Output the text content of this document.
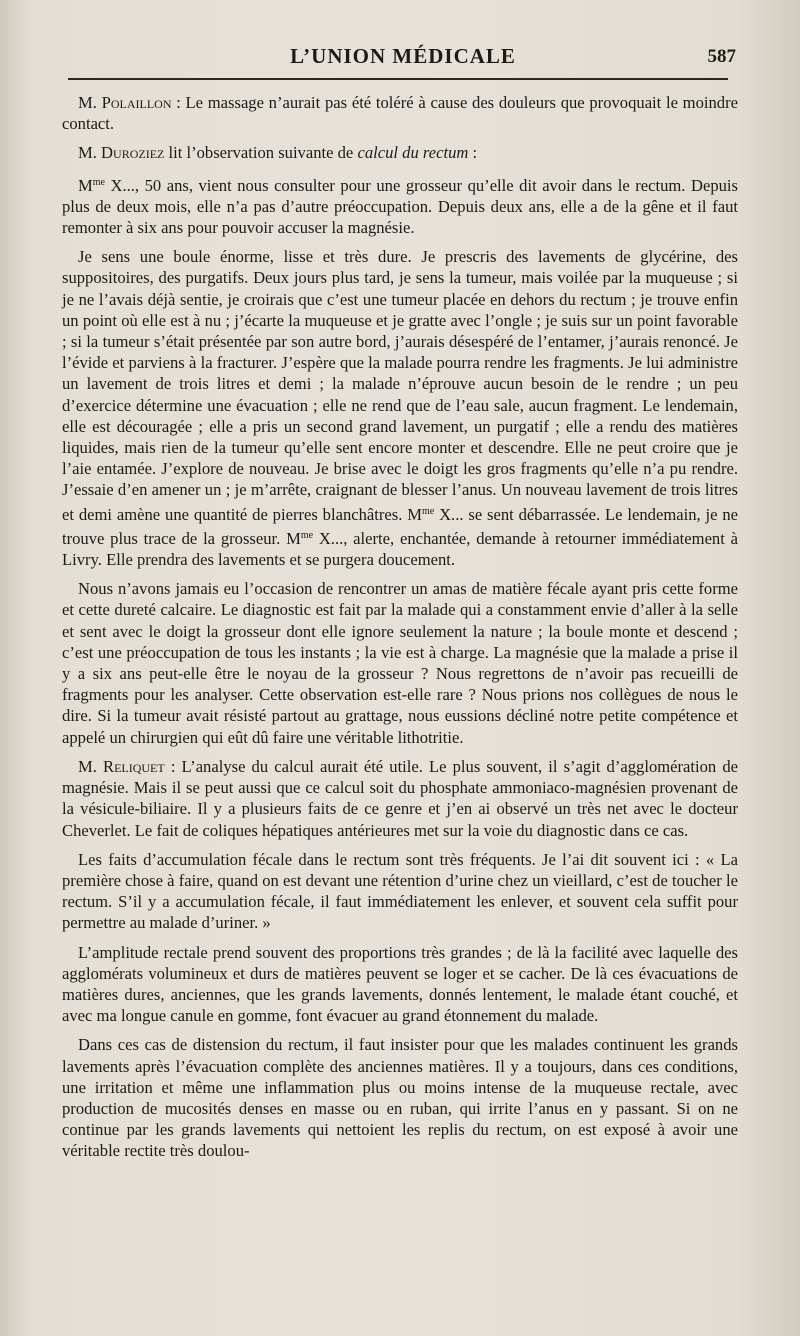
L’UNION MÉDICALE	587

M. Polaillon : Le massage n’aurait pas été toléré à cause des douleurs que provoquait le moindre contact.

M. Duroziez lit l’observation suivante de calcul du rectum :

$M^{me}$ X..., 50 ans, vient nous consulter pour une grosseur qu’elle dit avoir dans le rectum. Depuis plus de deux mois, elle n’a pas d’autre préoccupation. Depuis deux ans, elle a de la gêne et il faut remonter à six ans pour pouvoir accuser la magnésie.

Je sens une boule énorme, lisse et très dure. Je prescris des lavements de glycérine, des suppositoires, des purgatifs. Deux jours plus tard, je sens la tumeur, mais voilée par la muqueuse ; si je ne l’avais déjà sentie, je croirais que c’est une tumeur placée en dehors du rectum ; je trouve enfin un point où elle est à nu ; j’écarte la muqueuse et je gratte avec l’ongle ; je suis sur un point favorable ; si la tumeur s’était présentée par son autre bord, j’aurais désespéré de l’entamer, j’aurais renoncé. Je l’évide et parviens à la fracturer. J’espère que la malade pourra rendre les fragments. Je lui administre un lavement de trois litres et demi ; la malade n’éprouve aucun besoin de le rendre ; un peu d’exercice détermine une évacuation ; elle ne rend que de l’eau sale, aucun fragment. Le lendemain, elle est découragée ; elle a pris un second grand lavement, un purgatif ; elle a rendu des matières liquides, mais rien de la tumeur qu’elle sent encore monter et descendre. Elle ne peut croire que je l’aie entamée. J’explore de nouveau. Je brise avec le doigt les gros fragments qu’elle n’a pu rendre. J’essaie d’en amener un ; je m’arrête, craignant de blesser l’anus. Un nouveau lavement de trois litres et demi amène une quantité de pierres blanchâtres. $M^{me}$ X... se sent débarrassée. Le lendemain, je ne trouve plus trace de la grosseur. $M^{me}$ X..., alerte, enchantée, demande à retourner immédiatement à Livry. Elle prendra des lavements et se purgera doucement.

Nous n’avons jamais eu l’occasion de rencontrer un amas de matière fécale ayant pris cette forme et cette dureté calcaire. Le diagnostic est fait par la malade qui a constamment envie d’aller à la selle et sent avec le doigt la grosseur dont elle ignore seulement la nature ; la boule monte et descend ; c’est une préoccupation de tous les instants ; la vie est à charge. La magnésie que la malade a prise il y a six ans peut-elle être le noyau de la grosseur ? Nous regrettons de n’avoir pas recueilli de fragments pour les analyser. Cette observation est-elle rare ? Nous prions nos collègues de nous le dire. Si la tumeur avait résisté partout au grattage, nous eussions décliné notre petite compétence et appelé un chirurgien qui eût dû faire une véritable lithotritie.

M. Reliquet : L’analyse du calcul aurait été utile. Le plus souvent, il s’agit d’agglomération de magnésie. Mais il se peut aussi que ce calcul soit du phosphate ammoniaco-magnésien provenant de la vésicule-biliaire. Il y a plusieurs faits de ce genre et j’en ai observé un très net avec le docteur Cheverlet. Le fait de coliques hépatiques antérieures met sur la voie du diagnostic dans ce cas.

Les faits d’accumulation fécale dans le rectum sont très fréquents. Je l’ai dit souvent ici : « La première chose à faire, quand on est devant une rétention d’urine chez un vieillard, c’est de toucher le rectum. S’il y a accumulation fécale, il faut immédiatement les enlever, et souvent cela suffit pour permettre au malade d’uriner. »

L’amplitude rectale prend souvent des proportions très grandes ; de là la facilité avec laquelle des agglomérats volumineux et durs de matières peuvent se loger et se cacher. De là ces évacuations de matières dures, anciennes, que les grands lavements, donnés lentement, le malade étant couché, et avec ma longue canule en gomme, font évacuer au grand étonnement du malade.

Dans ces cas de distension du rectum, il faut insister pour que les malades continuent les grands lavements après l’évacuation complète des anciennes matières. Il y a toujours, dans ces conditions, une irritation et même une inflammation plus ou moins intense de la muqueuse rectale, avec production de mucosités denses en masse ou en ruban, qui irrite l’anus en y passant. Si on ne continue par les grands lavements qui nettoient les replis du rectum, on est exposé à avoir une véritable rectite très doulou-
